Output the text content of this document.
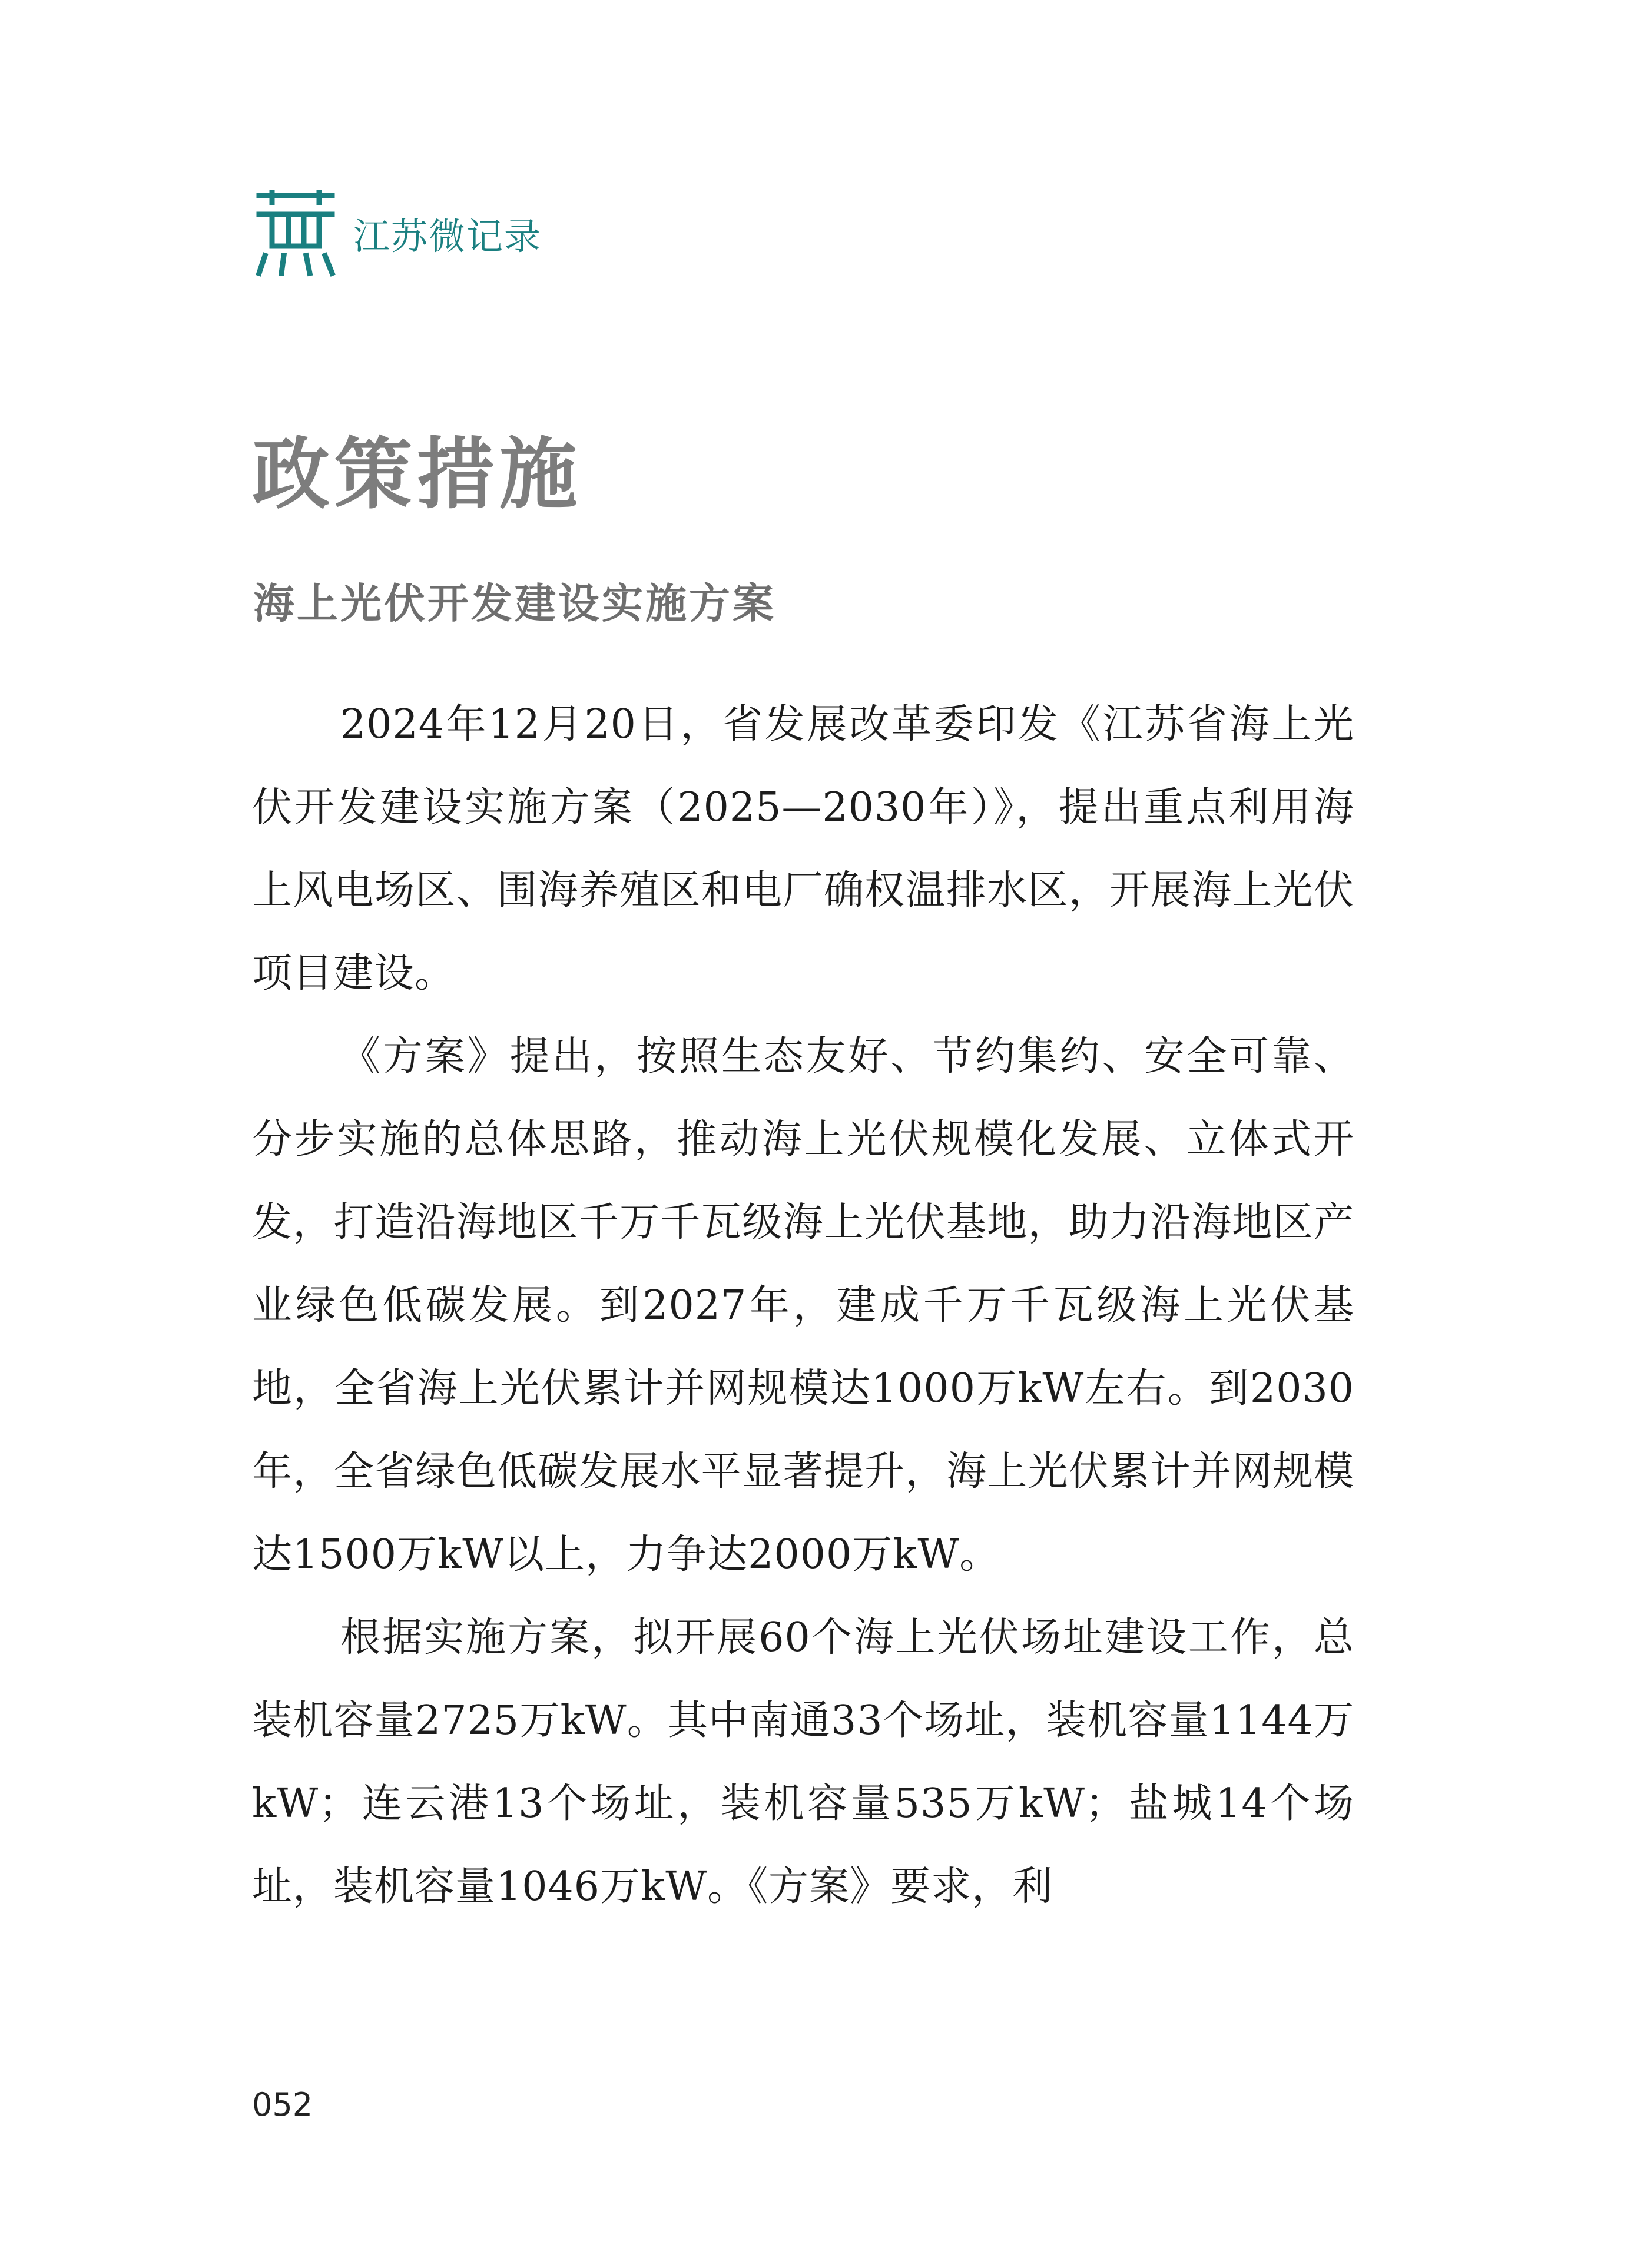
江苏微记录
政策措施
海上光伏开发建设实施方案

2024年12月20日，省发展改革委印发《江苏省海上光伏开发建设实施方案（2025—2030年）》，提出重点利用海上风电场区、围海养殖区和电厂确权温排水区，开展海上光伏项目建设。

《方案》提出，按照生态友好、节约集约、安全可靠、分步实施的总体思路，推动海上光伏规模化发展、立体式开发，打造沿海地区千万千瓦级海上光伏基地，助力沿海地区产业绿色低碳发展。到2027年，建成千万千瓦级海上光伏基地，全省海上光伏累计并网规模达1000万kW左右。到2030年，全省绿色低碳发展水平显著提升，海上光伏累计并网规模达1500万kW以上，力争达2000万kW。

根据实施方案，拟开展60个海上光伏场址建设工作，总装机容量2725万kW。其中南通33个场址，装机容量1144万kW；连云港13个场址，装机容量535万kW；盐城14个场址，装机容量1046万kW。《方案》要求，利

052
